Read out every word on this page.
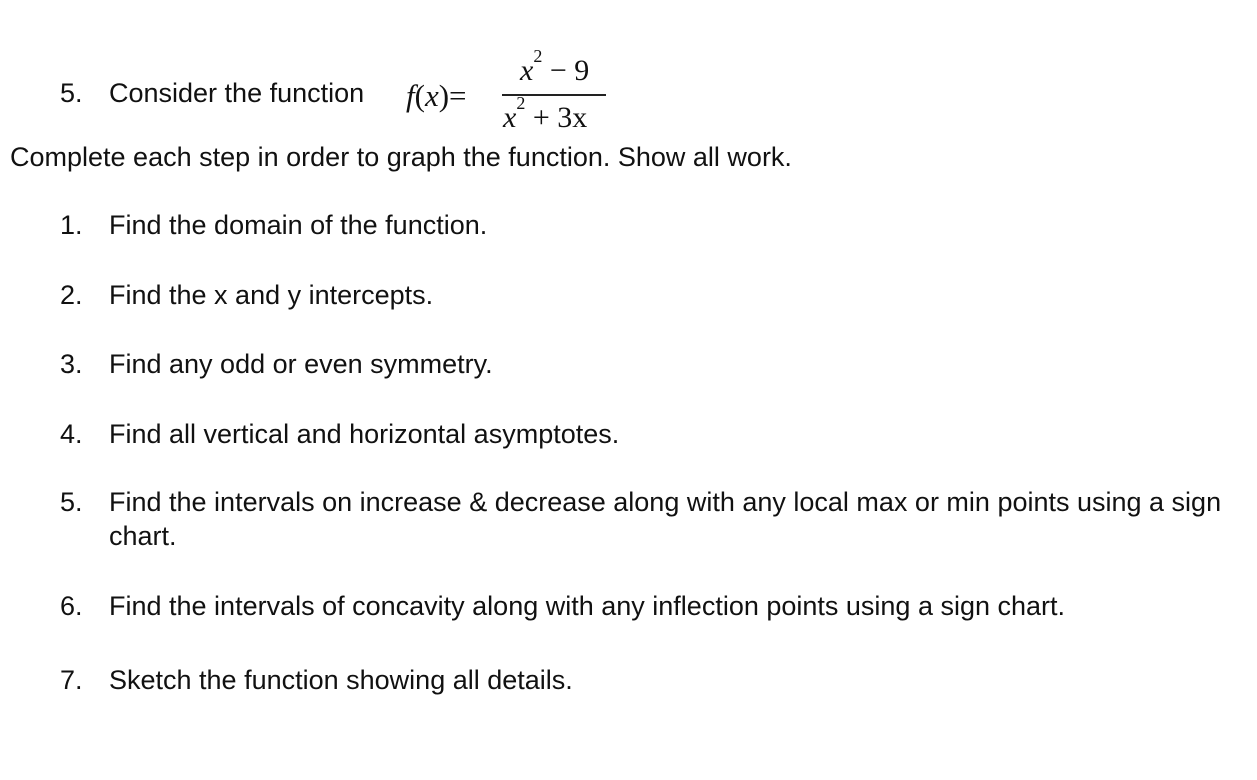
5. Consider the function f(x)=
$x^2 - 9$
$x^2 + 3x$
Complete each step in order to graph the function. Show all work.
1. Find the domain of the function.
2. Find the x and y intercepts.
3. Find any odd or even symmetry.
4. Find all vertical and horizontal asymptotes.
5. Find the intervals on increase & decrease along with any local max or min points using a sign chart.
6. Find the intervals of concavity along with any inflection points using a sign chart.
7. Sketch the function showing all details.
